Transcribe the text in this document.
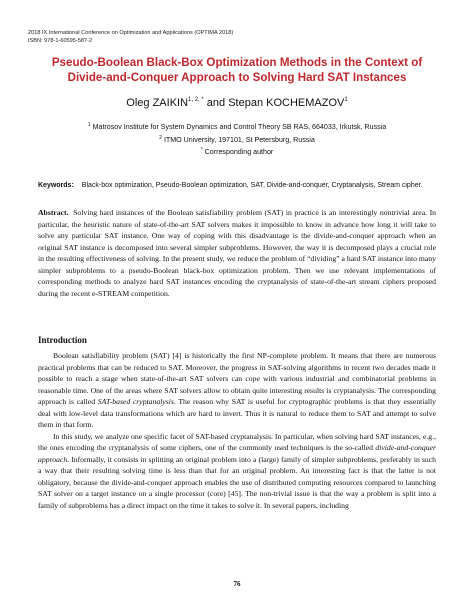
2018 IX International Conference on Optimization and Applications (OPTIMA 2018)
ISBN: 978-1-60595-587-2
Pseudo-Boolean Black-Box Optimization Methods in the Context of
Divide-and-Conquer Approach to Solving Hard SAT Instances
Oleg $ZAIKIN^{1, 2, *}$ and Stepan KOCHEMAZOV$^1$
$^1$ Matrosov Institute for System Dynamics and Control Theory SB RAS, 664033, Irkutsk, Russia
$^2$ ITMO University, 197101, St Petersburg, Russia
* Corresponding author
Keywords: Black-box optimization, Pseudo-Boolean optimization, SAT, Divide-and-conquer, Cryptanalysis, Stream cipher.
Abstract. Solving hard instances of the Boolean satisfiability problem (SAT) in practice is an interestingly nontrivial area. In particular, the heuristic nature of state-of-the-art SAT solvers makes it impossible to know in advance how long it will take to solve any particular SAT instance. One way of coping with this disadvantage is the divide-and-conquer approach when an original SAT instance is decomposed into several simpler subproblems. However, the way it is decomposed plays a crucial role in the resulting effectiveness of solving. In the present study, we reduce the problem of “dividing” a hard SAT instance into many simpler subproblems to a pseudo-Boolean black-box optimization problem. Then we use relevant implementations of corresponding methods to analyze hard SAT instances encoding the cryptanalysis of state-of-the-art stream ciphers proposed during the recent e-STREAM competition.
Introduction

Boolean satisfiability problem (SAT) [4] is historically the first NP-complete problem. It means that there are numerous practical problems that can be reduced to SAT. Moreover, the progress in SAT-solving algorithms in recent two decades made it possible to reach a stage when state-of-the-art SAT solvers can cope with various industrial and combinatorial problems in reasonable time. One of the areas where SAT solvers allow to obtain quite interesting results is cryptanalysis. The corresponding approach is called SAT-based cryptanalysis. The reason why SAT is useful for cryptographic problems is that they essentially deal with low-level data transformations which are hard to invert. Thus it is natural to reduce them to SAT and attempt to solve them in that form.

In this study, we analyze one specific facet of SAT-based cryptanalysis. In particular, when solving hard SAT instances, e.g., the ones encoding the cryptanalysis of some ciphers, one of the commonly used techniques is the so-called divide-and-conquer approach. Informally, it consists in splitting an original problem into a (large) family of simpler subproblems, preferably in such a way that their resulting solving time is less than that for an original problem. An interesting fact is that the latter is not obligatory, because the divide-and-conquer approach enables the use of distributed computing resources compared to launching SAT solver on a target instance on a single processor (core) [45]. The non-trivial issue is that the way a problem is split into a family of subproblems has a direct impact on the time it takes to solve it. In several papers, including

76
